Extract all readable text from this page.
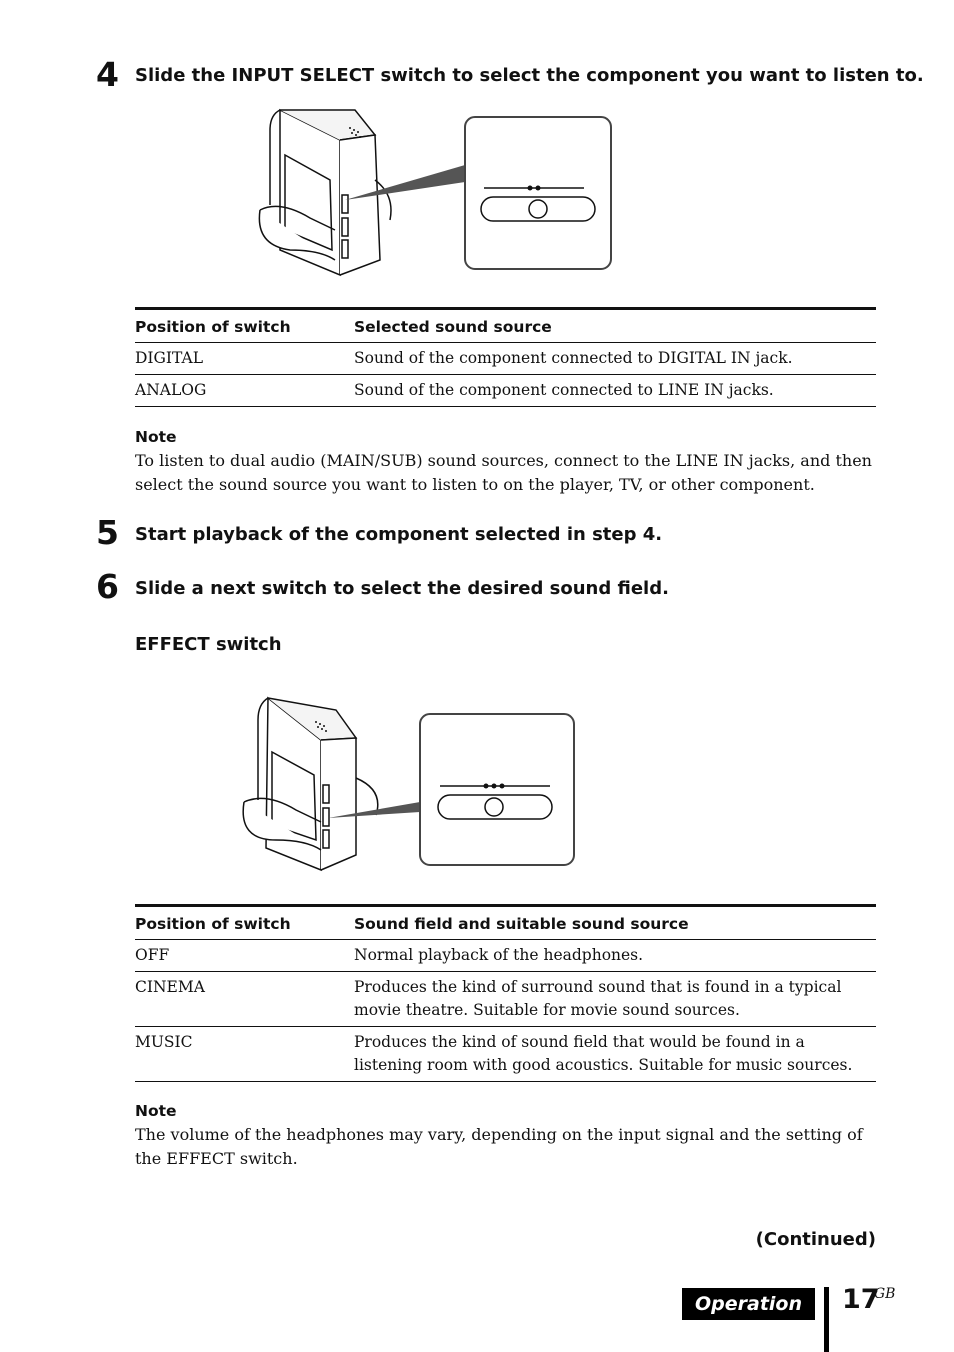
4 Slide the INPUT SELECT switch to select the component you want to listen to.
Position of switch	Selected sound source
DIGITAL	Sound of the component connected to DIGITAL IN jack.
ANALOG	Sound of the component connected to LINE IN jacks.
Note
To listen to dual audio (MAIN/SUB) sound sources, connect to the LINE IN jacks, and then select the sound source you want to listen to on the player, TV, or other component.
5 Start playback of the component selected in step 4.
6 Slide a next switch to select the desired sound field.
EFFECT switch
Position of switch	Sound field and suitable sound source
OFF	Normal playback of the headphones.
CINEMA	Produces the kind of surround sound that is found in a typical movie theatre. Suitable for movie sound sources.
MUSIC	Produces the kind of sound field that would be found in a listening room with good acoustics. Suitable for music sources.
Note
The volume of the headphones may vary, depending on the input signal and the setting of the EFFECT switch.
(Continued)
Operation	17
GB
